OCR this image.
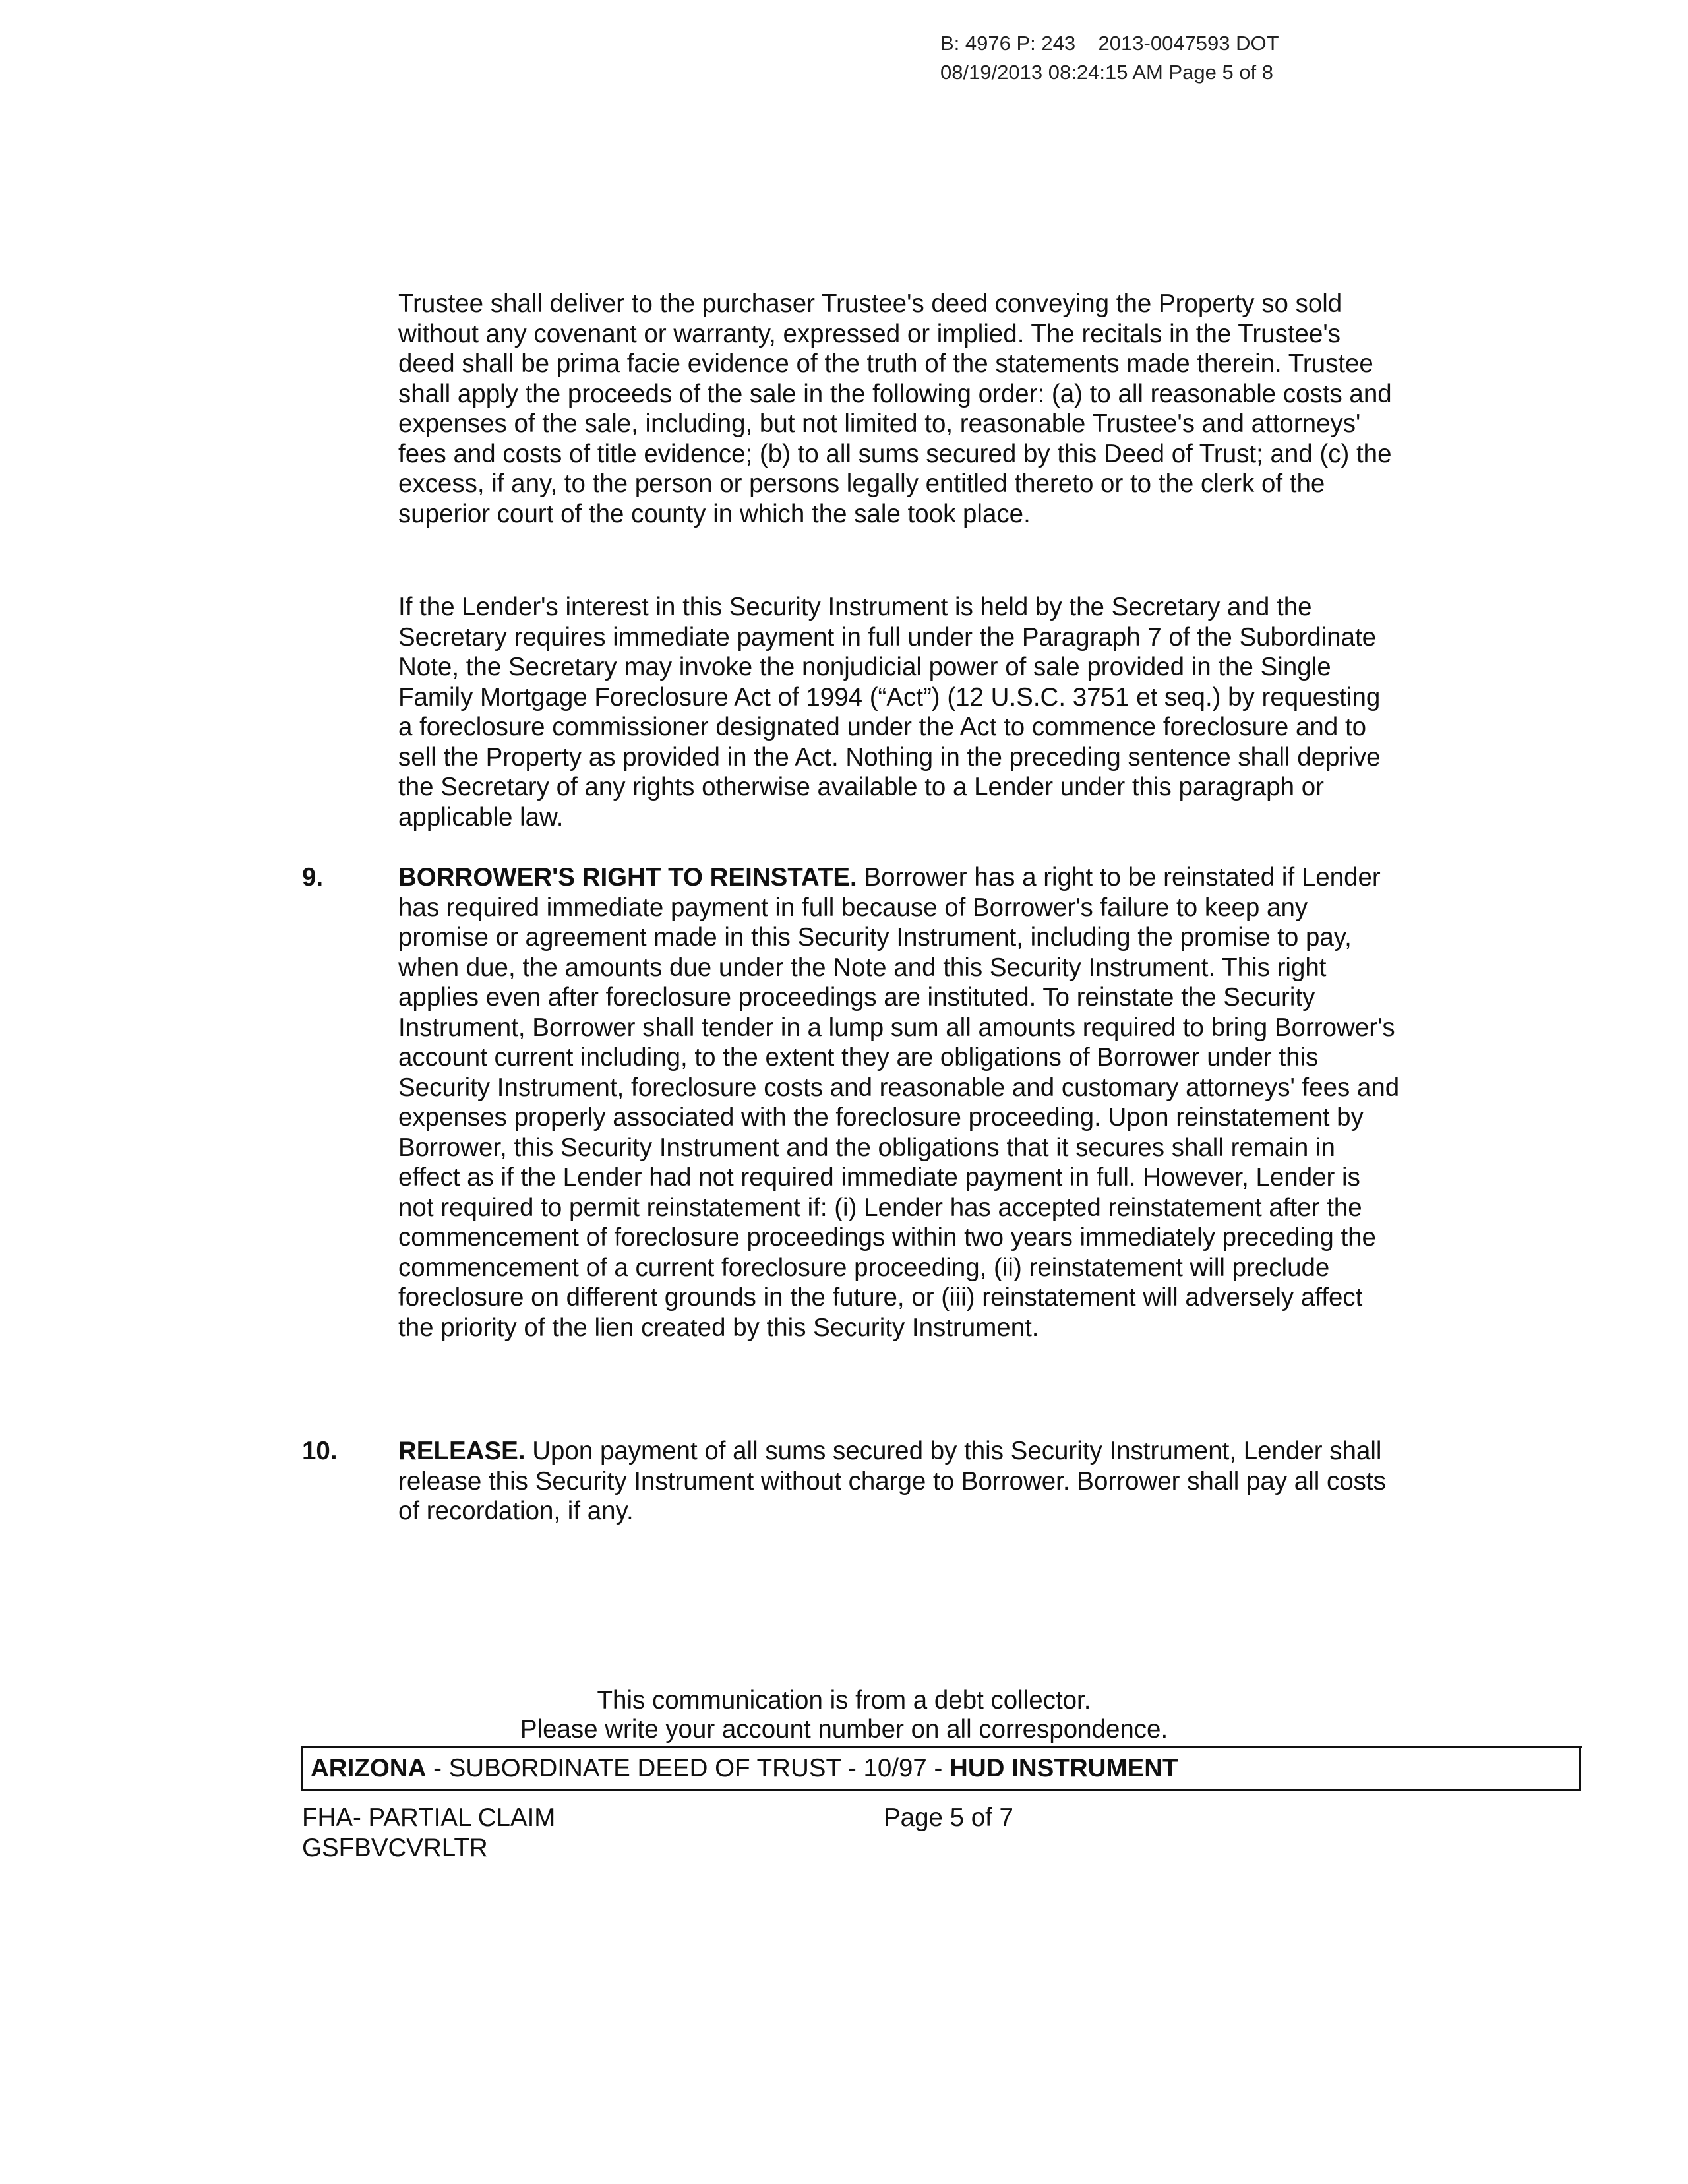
B: 4976 P: 243    2013-0047593 DOT
08/19/2013 08:24:15 AM Page 5 of 8

Trustee shall deliver to the purchaser Trustee's deed conveying the Property so sold without any covenant or warranty, expressed or implied. The recitals in the Trustee's deed shall be prima facie evidence of the truth of the statements made therein. Trustee shall apply the proceeds of the sale in the following order: (a) to all reasonable costs and expenses of the sale, including, but not limited to, reasonable Trustee's and attorneys' fees and costs of title evidence; (b) to all sums secured by this Deed of Trust; and (c) the excess, if any, to the person or persons legally entitled thereto or to the clerk of the superior court of the county in which the sale took place.

If the Lender's interest in this Security Instrument is held by the Secretary and the Secretary requires immediate payment in full under the Paragraph 7 of the Subordinate Note, the Secretary may invoke the nonjudicial power of sale provided in the Single Family Mortgage Foreclosure Act of 1994 (“Act”) (12 U.S.C. 3751 et seq.) by requesting a foreclosure commissioner designated under the Act to commence foreclosure and to sell the Property as provided in the Act. Nothing in the preceding sentence shall deprive the Secretary of any rights otherwise available to a Lender under this paragraph or applicable law.

9.	BORROWER'S RIGHT TO REINSTATE. Borrower has a right to be reinstated if Lender has required immediate payment in full because of Borrower's failure to keep any promise or agreement made in this Security Instrument, including the promise to pay, when due, the amounts due under the Note and this Security Instrument. This right applies even after foreclosure proceedings are instituted. To reinstate the Security Instrument, Borrower shall tender in a lump sum all amounts required to bring Borrower's account current including, to the extent they are obligations of Borrower under this Security Instrument, foreclosure costs and reasonable and customary attorneys' fees and expenses properly associated with the foreclosure proceeding. Upon reinstatement by Borrower, this Security Instrument and the obligations that it secures shall remain in effect as if the Lender had not required immediate payment in full. However, Lender is not required to permit reinstatement if: (i) Lender has accepted reinstatement after the commencement of foreclosure proceedings within two years immediately preceding the commencement of a current foreclosure proceeding, (ii) reinstatement will preclude foreclosure on different grounds in the future, or (iii) reinstatement will adversely affect the priority of the lien created by this Security Instrument.

10. RELEASE. Upon payment of all sums secured by this Security Instrument, Lender shall release this Security Instrument without charge to Borrower. Borrower shall pay all costs of recordation, if any.

This communication is from a debt collector.
Please write your account number on all correspondence.
ARIZONA - SUBORDINATE DEED OF TRUST - 10/97 - HUD INSTRUMENT
FHA- PARTIAL CLAIM
GSFBVCVRLTR
Page 5 of 7
